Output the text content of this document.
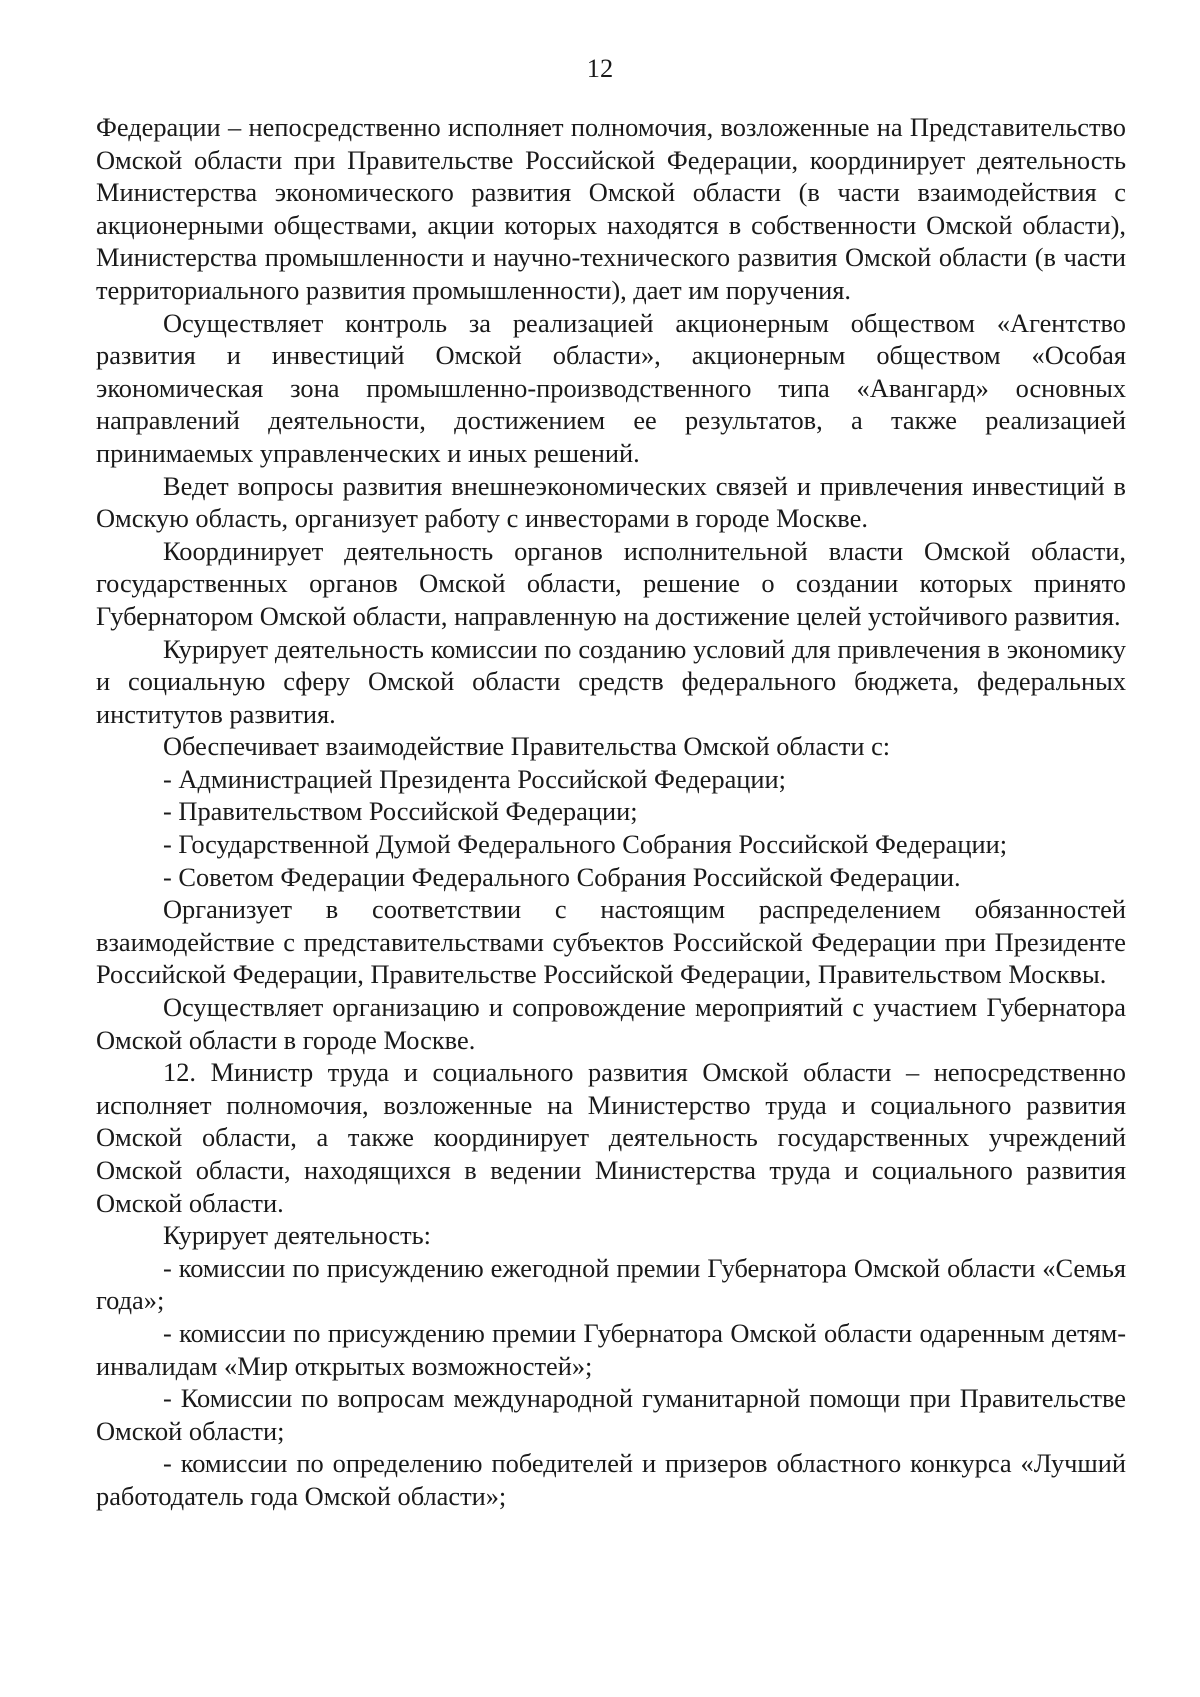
12

Федерации – непосредственно исполняет полномочия, возложенные на Представительство Омской области при Правительстве Российской Федерации, координирует деятельность Министерства экономического развития Омской области (в части взаимодействия с акционерными обществами, акции которых находятся в собственности Омской области), Министерства промышленности и научно-технического развития Омской области (в части территориального развития промышленности), дает им поручения.

Осуществляет контроль за реализацией акционерным обществом «Агентство развития и инвестиций Омской области», акционерным обществом «Особая экономическая зона промышленно-производственного типа «Авангард» основных направлений деятельности, достижением ее результатов, а также реализацией принимаемых управленческих и иных решений.

Ведет вопросы развития внешнеэкономических связей и привлечения инвестиций в Омскую область, организует работу с инвесторами в городе Москве.

Координирует деятельность органов исполнительной власти Омской области, государственных органов Омской области, решение о создании которых принято Губернатором Омской области, направленную на достижение целей устойчивого развития.

Курирует деятельность комиссии по созданию условий для привлечения в экономику и социальную сферу Омской области средств федерального бюджета, федеральных институтов развития.

Обеспечивает взаимодействие Правительства Омской области с:

- Администрацией Президента Российской Федерации;

- Правительством Российской Федерации;

- Государственной Думой Федерального Собрания Российской Федерации;

- Советом Федерации Федерального Собрания Российской Федерации.

Организует в соответствии с настоящим распределением обязанностей взаимодействие с представительствами субъектов Российской Федерации при Президенте Российской Федерации, Правительстве Российской Федерации, Правительством Москвы.

Осуществляет организацию и сопровождение мероприятий с участием Губернатора Омской области в городе Москве.

12. Министр труда и социального развития Омской области – непосредственно исполняет полномочия, возложенные на Министерство труда и социального развития Омской области, а также координирует деятельность государственных учреждений Омской области, находящихся в ведении Министерства труда и социального развития Омской области.

Курирует деятельность:

- комиссии по присуждению ежегодной премии Губернатора Омской области «Семья года»;

- комиссии по присуждению премии Губернатора Омской области одаренным детям-инвалидам «Мир открытых возможностей»;

- Комиссии по вопросам международной гуманитарной помощи при Правительстве Омской области;

- комиссии по определению победителей и призеров областного конкурса «Лучший работодатель года Омской области»;
